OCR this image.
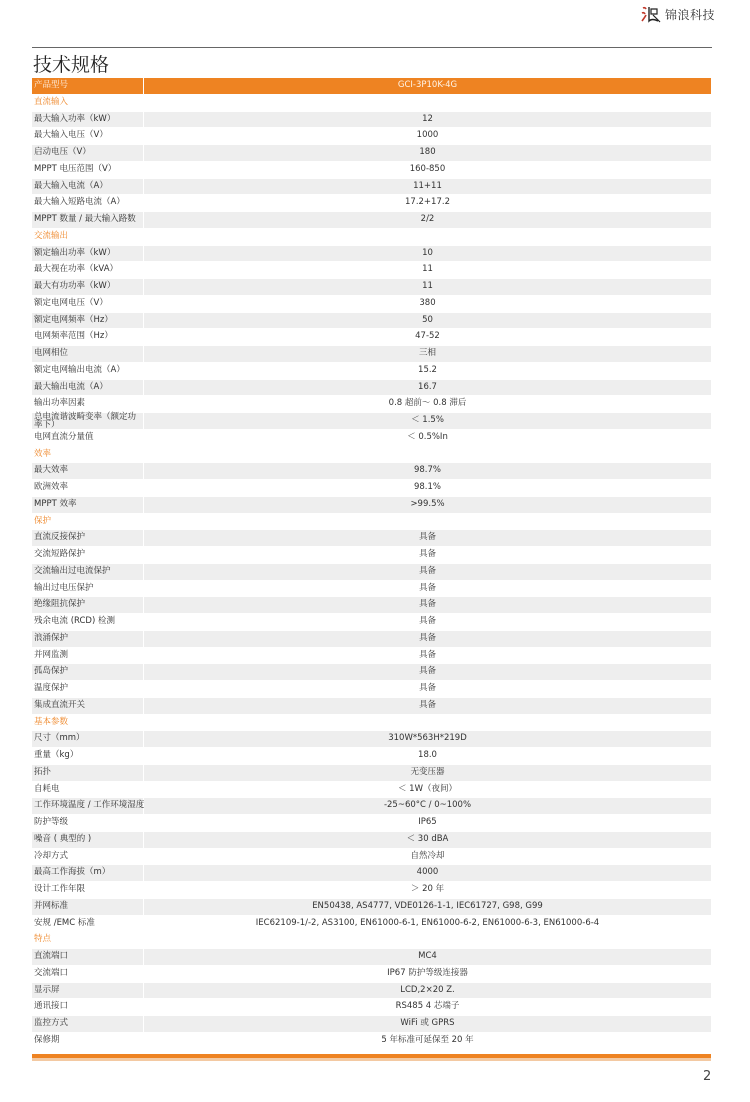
锦浪科技
技术规格
产品型号	GCI-3P10K-4G
直流输入
最大输入功率（kW）	12
最大输入电压（V）	1000
启动电压（V）	180
MPPT 电压范围（V）	160-850
最大输入电流（A）	11+11
最大输入短路电流（A）	17.2+17.2
MPPT 数量 / 最大输入路数	2/2
交流输出
额定输出功率（kW）	10
最大视在功率（kVA）	11
最大有功功率（kW）	11
额定电网电压（V）	380
额定电网频率（Hz）	50
电网频率范围（Hz）	47-52
电网相位	三相
额定电网输出电流（A）	15.2
最大输出电流（A）	16.7
输出功率因素	0.8 超前～ 0.8 滞后
总电流谐波畸变率（额定功率下）	＜ 1.5%
电网直流分量值	＜ 0.5%In
效率
最大效率	98.7%
欧洲效率	98.1%
MPPT 效率	>99.5%
保护
直流反接保护	具备
交流短路保护	具备
交流输出过电流保护	具备
输出过电压保护	具备
绝缘阻抗保护	具备
残余电流 (RCD) 检测	具备
浪涌保护	具备
并网监测	具备
孤岛保护	具备
温度保护	具备
集成直流开关	具备
基本参数
尺寸（mm）	310W*563H*219D
重量（kg）	18.0
拓扑	无变压器
自耗电	＜ 1W（夜间）
工作环境温度 / 工作环境湿度	-25~60°C / 0~100%
防护等级	IP65
噪音 ( 典型的 )	＜ 30 dBA
冷却方式	自然冷却
最高工作海拔（m）	4000
设计工作年限	＞ 20 年
并网标准	EN50438, AS4777, VDE0126-1-1, IEC61727, G98, G99
安规 /EMC 标准	IEC62109-1/-2, AS3100, EN61000-6-1, EN61000-6-2, EN61000-6-3, EN61000-6-4
特点
直流端口	MC4
交流端口	IP67 防护等级连接器
显示屏	LCD,2×20 Z.
通讯接口	RS485 4 芯端子
监控方式	WiFi 或 GPRS
保修期	5 年标准可延保至 20 年
2
